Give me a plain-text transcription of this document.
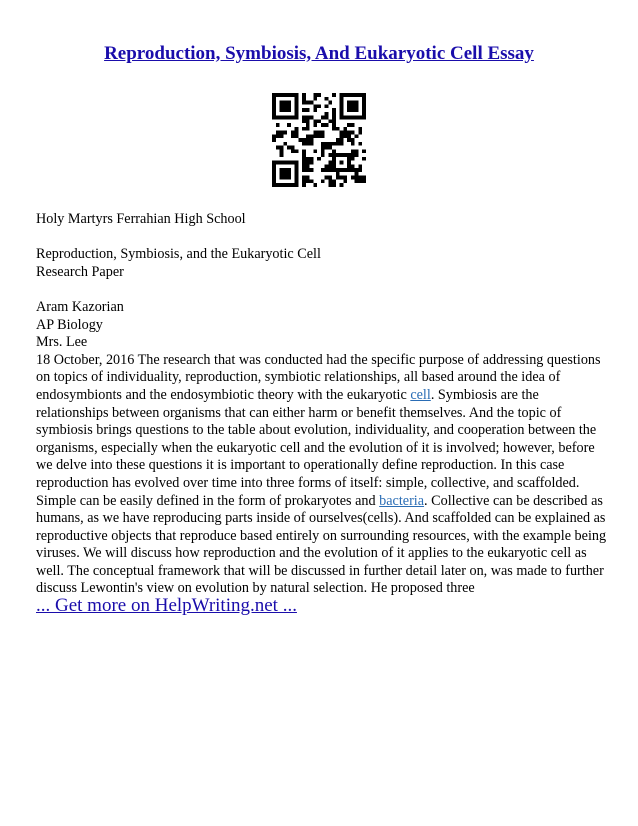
Reproduction, Symbiosis, And Eukaryotic Cell Essay

Holy Martyrs Ferrahian High School

Reproduction, Symbiosis, and the Eukaryotic Cell
Research Paper

Aram Kazorian
AP Biology
Mrs. Lee
18 October, 2016 The research that was conducted had the specific purpose of addressing questions
on topics of individuality, reproduction, symbiotic relationships, all based around the idea of
endosymbionts and the endosymbiotic theory with the eukaryotic cell. Symbiosis are the
relationships between organisms that can either harm or benefit themselves. And the topic of
symbiosis brings questions to the table about evolution, individuality, and cooperation between the
organisms, especially when the eukaryotic cell and the evolution of it is involved; however, before
we delve into these questions it is important to operationally define reproduction. In this case
reproduction has evolved over time into three forms of itself: simple, collective, and scaffolded.
Simple can be easily defined in the form of prokaryotes and bacteria. Collective can be described as
humans, as we have reproducing parts inside of ourselves(cells). And scaffolded can be explained as
reproductive objects that reproduce based entirely on surrounding resources, with the example being
viruses. We will discuss how reproduction and the evolution of it applies to the eukaryotic cell as
well. The conceptual framework that will be discussed in further detail later on, was made to further
discuss Lewontin's view on evolution by natural selection. He proposed three
... Get more on HelpWriting.net ...
